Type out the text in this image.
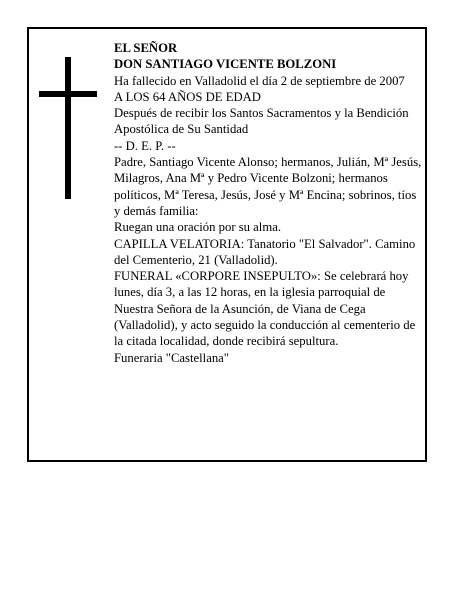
EL SEÑOR

DON SANTIAGO VICENTE BOLZONI

Ha fallecido en Valladolid el día 2 de septiembre de 2007

A LOS 64 AÑOS DE EDAD

Después de recibir los Santos Sacramentos y la Bendición Apostólica de Su Santidad

-- D. E. P. --

Padre, Santiago Vicente Alonso; hermanos, Julián, Mª Jesús, Milagros, Ana Mª y Pedro Vicente Bolzoni; hermanos políticos, Mª Teresa, Jesús, José y Mª Encina; sobrinos, tíos y demás familia:

Ruegan una oración por su alma.

CAPILLA VELATORIA: Tanatorio "El Salvador". Camino del Cementerio, 21 (Valladolid).

FUNERAL «CORPORE INSEPULTO»: Se celebrará hoy lunes, día 3, a las 12 horas, en la iglesia parroquial de Nuestra Señora de la Asunción, de Viana de Cega (Valladolid), y acto seguido la conducción al cementerio de la citada localidad, donde recibirá sepultura.

Funeraria "Castellana"
